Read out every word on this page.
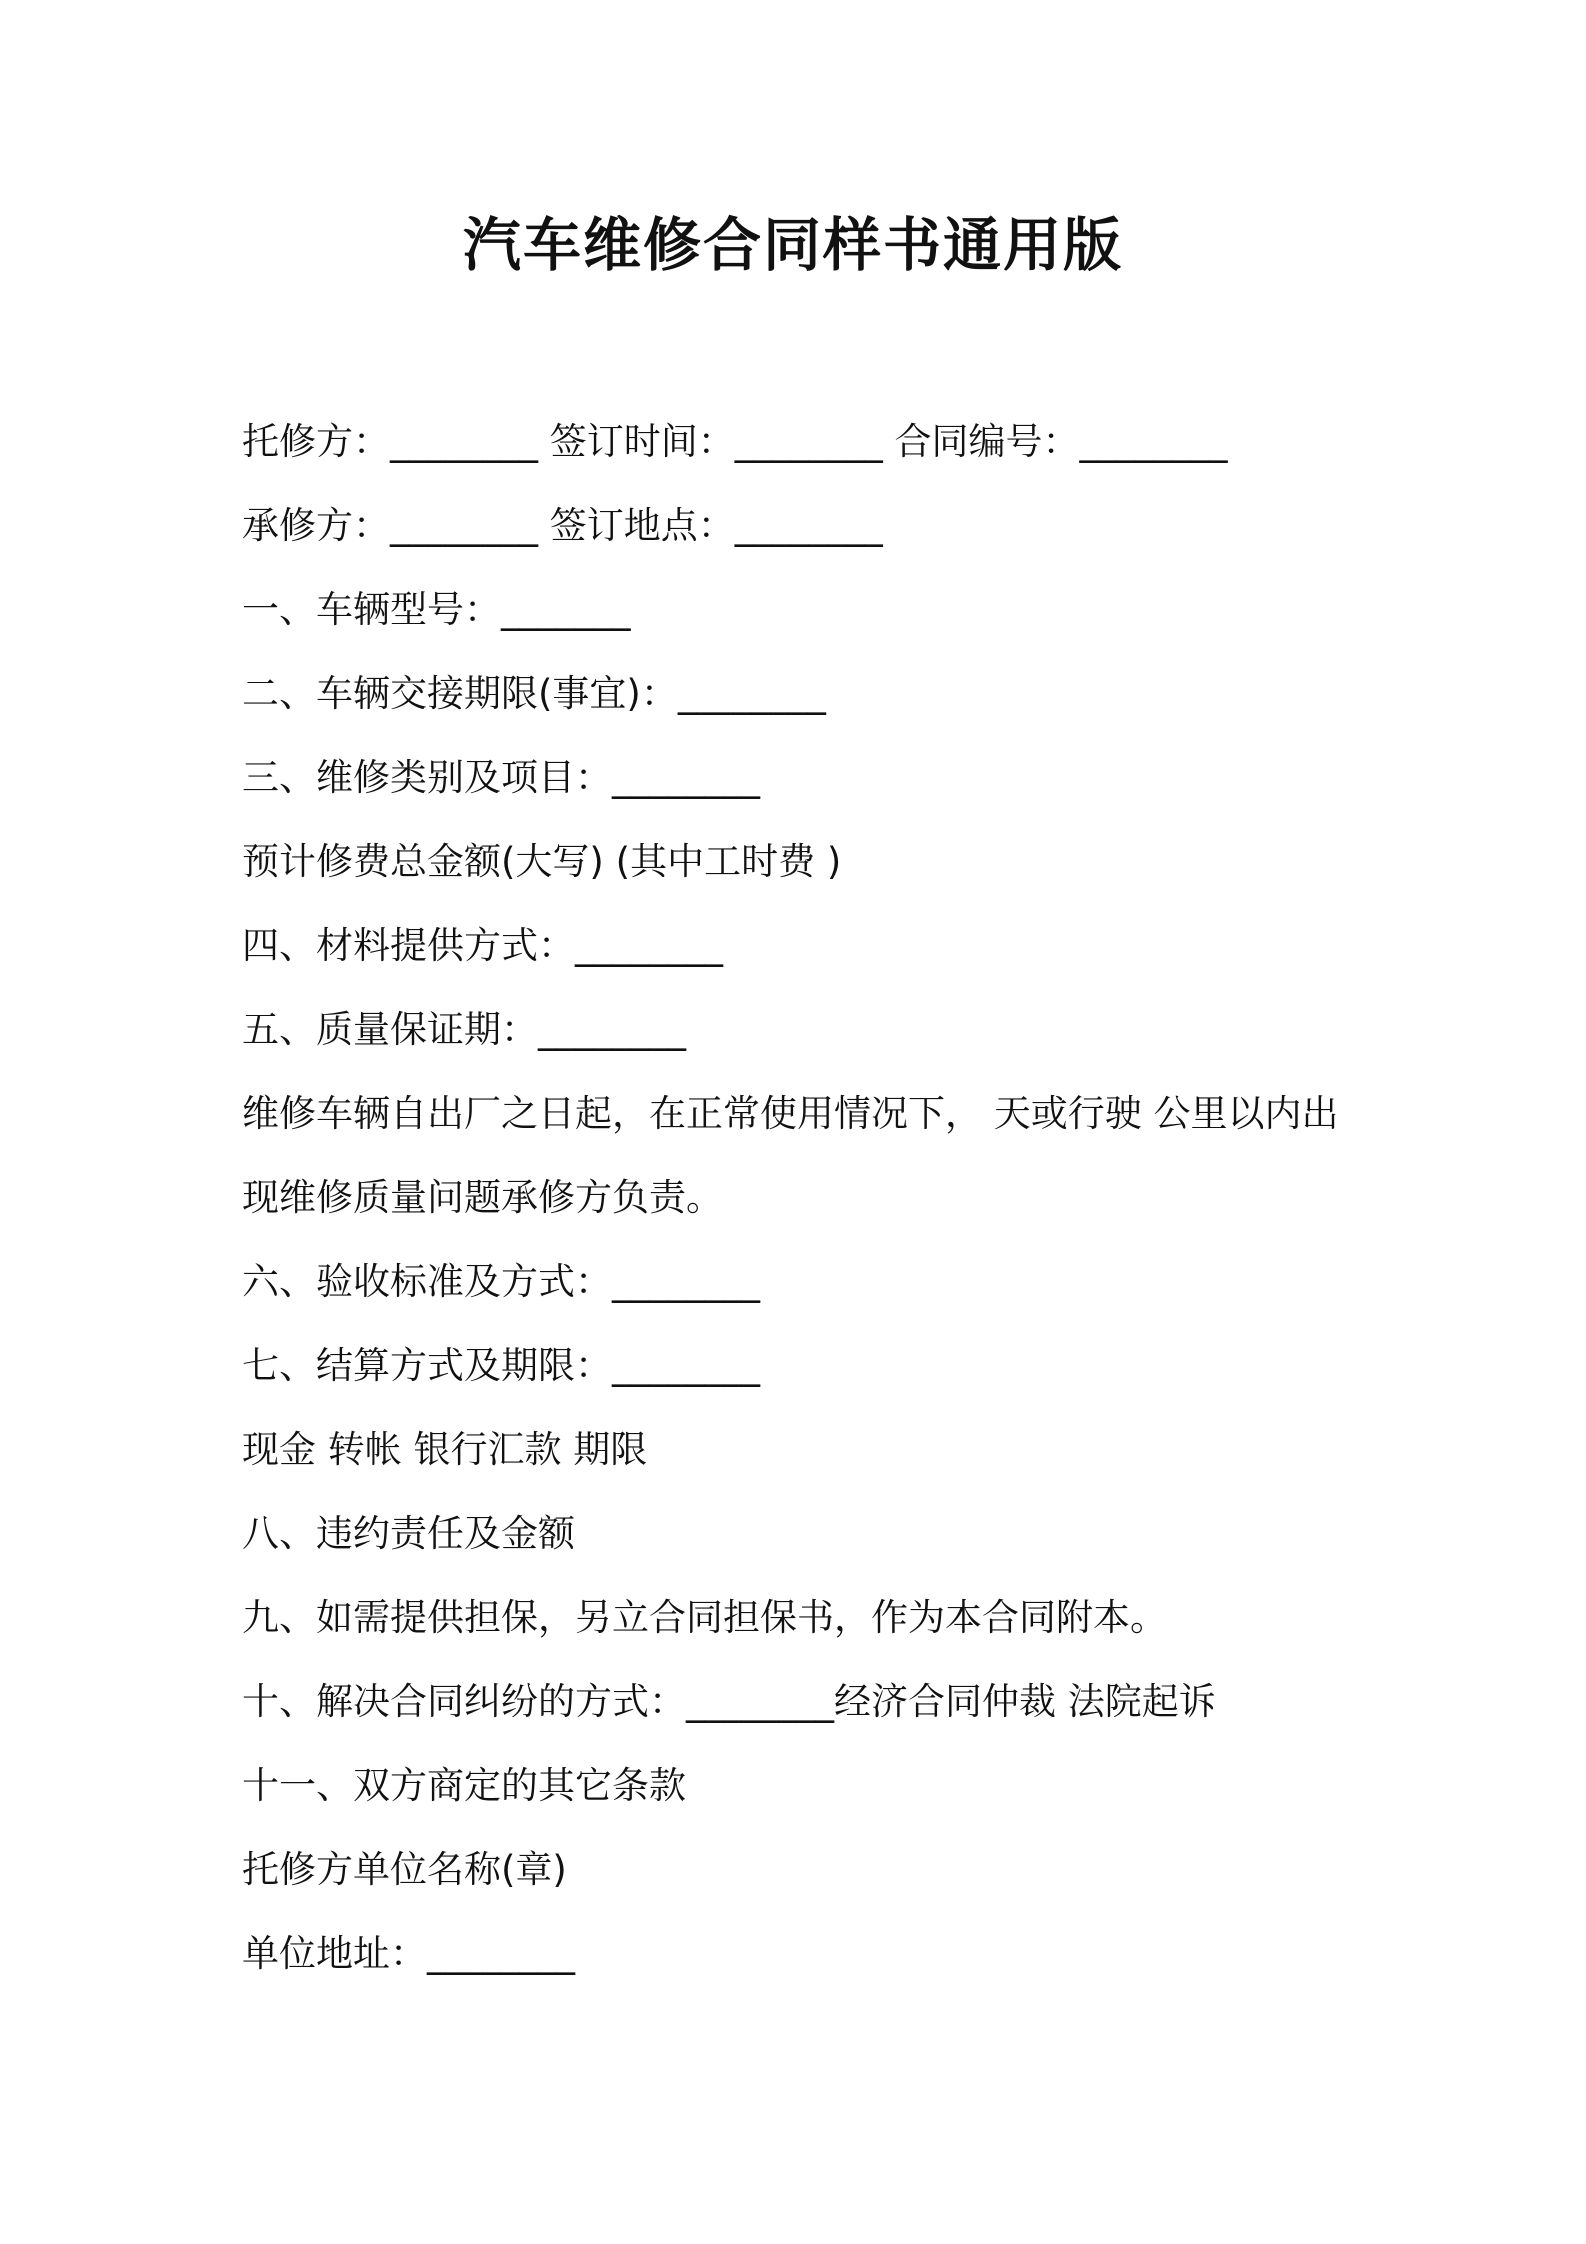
汽车维修合同样书通用版
托修方：________ 签订时间：________ 合同编号：________
承修方：________ 签订地点：________
一、车辆型号：_______
二、车辆交接期限(事宜)：________
三、维修类别及项目：________
预计修费总金额(大写) (其中工时费 )
四、材料提供方式：________
五、质量保证期：________
维修车辆自出厂之日起，在正常使用情况下， 天或行驶 公里以内出
现维修质量问题承修方负责。
六、验收标准及方式：________
七、结算方式及期限：________
现金 转帐 银行汇款 期限
八、违约责任及金额
九、如需提供担保，另立合同担保书，作为本合同附本。
十、解决合同纠纷的方式：________经济合同仲裁 法院起诉
十一、双方商定的其它条款
托修方单位名称(章)
单位地址：________
